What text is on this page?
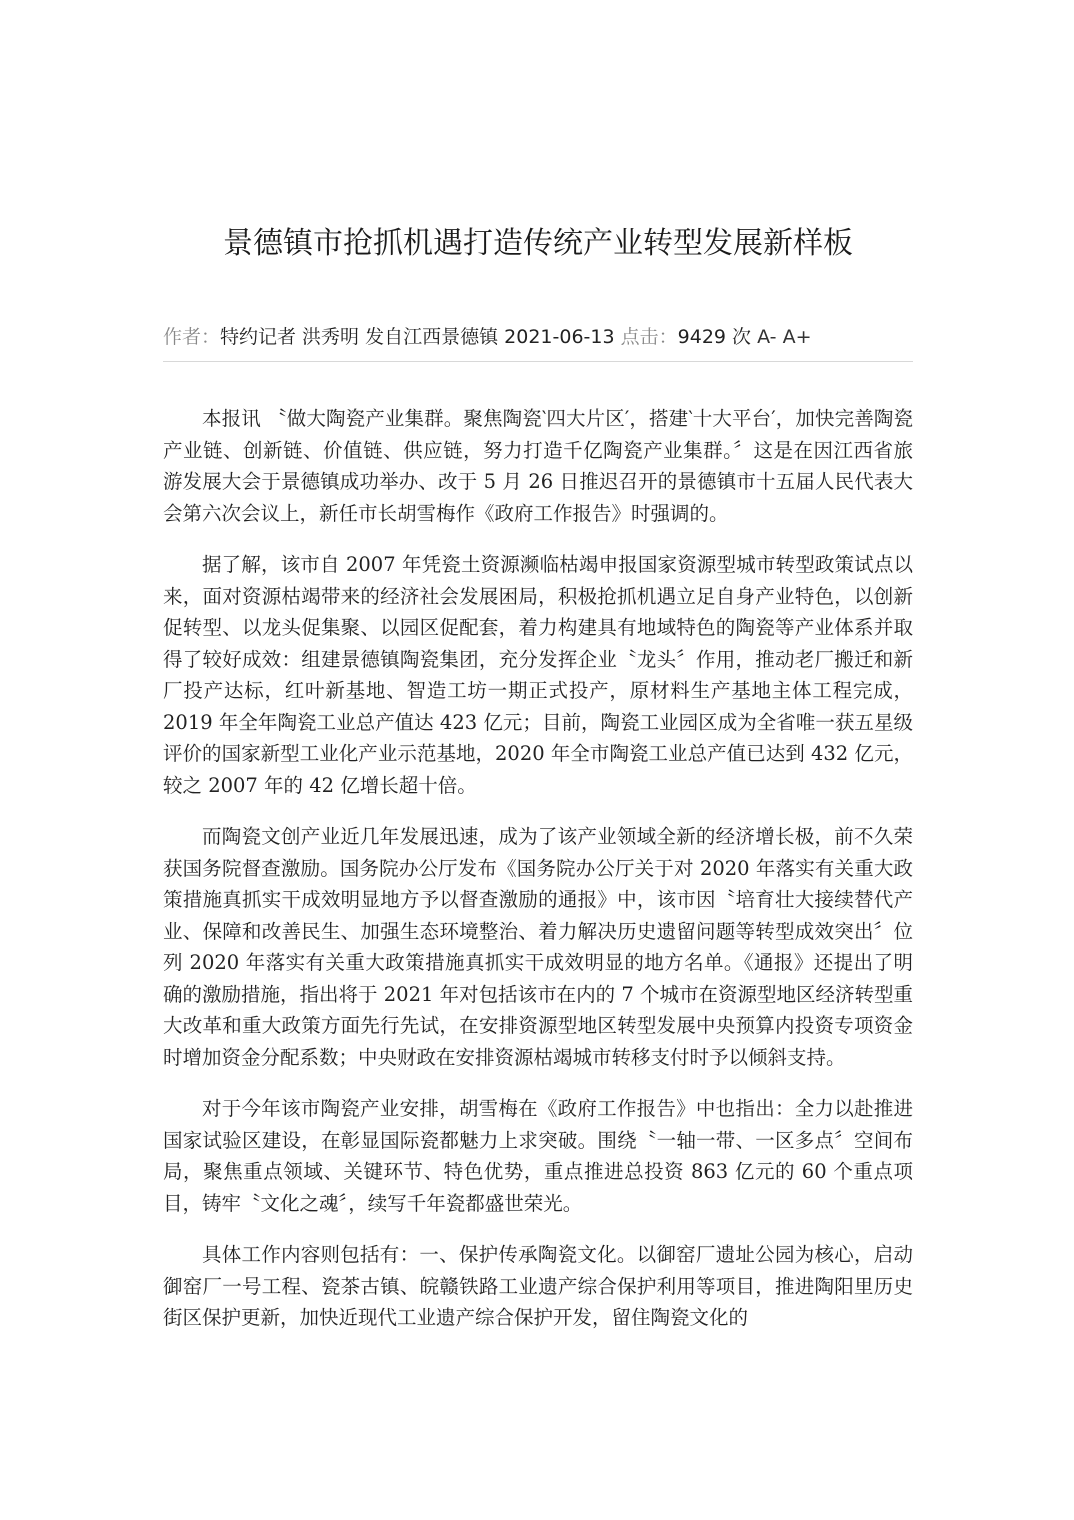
景德镇市抢抓机遇打造传统产业转型发展新样板
作者：特约记者 洪秀明 发自江西景德镇 2021-06-13 点击：9429 次 A- A+

本报讯 〝做大陶瓷产业集群。聚焦陶瓷‵四大片区′，搭建‵十大平台′，加快完善陶瓷产业链、创新链、价值链、供应链，努力打造千亿陶瓷产业集群。〞这是在因江西省旅游发展大会于景德镇成功举办、改于 5 月 26 日推迟召开的景德镇市十五届人民代表大会第六次会议上，新任市长胡雪梅作《政府工作报告》时强调的。

据了解，该市自 2007 年凭瓷土资源濒临枯竭申报国家资源型城市转型政策试点以来，面对资源枯竭带来的经济社会发展困局，积极抢抓机遇立足自身产业特色，以创新促转型、以龙头促集聚、以园区促配套，着力构建具有地域特色的陶瓷等产业体系并取得了较好成效：组建景德镇陶瓷集团，充分发挥企业〝龙头〞作用，推动老厂搬迁和新厂投产达标，红叶新基地、智造工坊一期正式投产，原材料生产基地主体工程完成，2019 年全年陶瓷工业总产值达 423 亿元；目前，陶瓷工业园区成为全省唯一获五星级评价的国家新型工业化产业示范基地，2020 年全市陶瓷工业总产值已达到 432 亿元，较之 2007 年的 42 亿增长超十倍。

而陶瓷文创产业近几年发展迅速，成为了该产业领域全新的经济增长极，前不久荣获国务院督查激励。国务院办公厅发布《国务院办公厅关于对 2020 年落实有关重大政策措施真抓实干成效明显地方予以督查激励的通报》中，该市因〝培育壮大接续替代产业、保障和改善民生、加强生态环境整治、着力解决历史遗留问题等转型成效突出〞位列 2020 年落实有关重大政策措施真抓实干成效明显的地方名单。《通报》还提出了明确的激励措施，指出将于 2021 年对包括该市在内的 7 个城市在资源型地区经济转型重大改革和重大政策方面先行先试，在安排资源型地区转型发展中央预算内投资专项资金时增加资金分配系数；中央财政在安排资源枯竭城市转移支付时予以倾斜支持。

对于今年该市陶瓷产业安排，胡雪梅在《政府工作报告》中也指出：全力以赴推进国家试验区建设，在彰显国际瓷都魅力上求突破。围绕〝一轴一带、一区多点〞空间布局，聚焦重点领域、关键环节、特色优势，重点推进总投资 863 亿元的 60 个重点项目，铸牢〝文化之魂〞，续写千年瓷都盛世荣光。

具体工作内容则包括有：一、保护传承陶瓷文化。以御窑厂遗址公园为核心，启动御窑厂一号工程、瓷茶古镇、皖赣铁路工业遗产综合保护利用等项目，推进陶阳里历史街区保护更新，加快近现代工业遗产综合保护开发，留住陶瓷文化的
